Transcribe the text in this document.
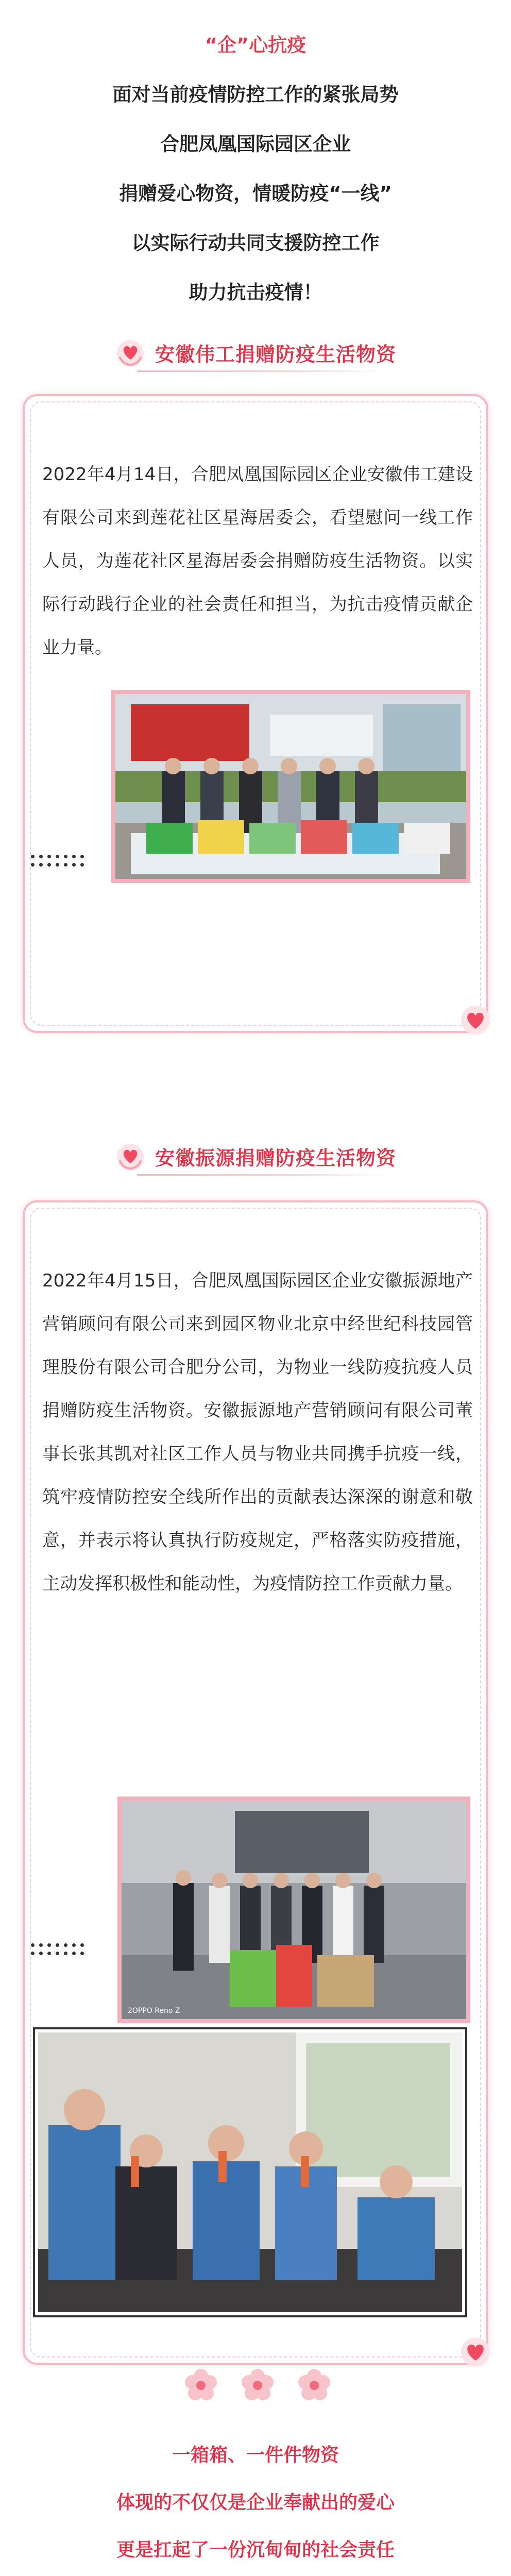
“企”心抗疫
面对当前疫情防控工作的紧张局势
合肥凤凰国际园区企业
捐赠爱心物资，情暖防疫“一线”
以实际行动共同支援防控工作
助力抗击疫情！
安徽伟工捐赠防疫生活物资
2022年4月14日，合肥凤凰国际园区企业安徽伟工建设有限公司来到莲花社区星海居委会，看望慰问一线工作人员，为莲花社区星海居委会捐赠防疫生活物资。以实际行动践行企业的社会责任和担当，为抗击疫情贡献企业力量。
安徽振源捐赠防疫生活物资
2022年4月15日，合肥凤凰国际园区企业安徽振源地产营销顾问有限公司来到园区物业北京中经世纪科技园管理股份有限公司合肥分公司，为物业一线防疫抗疫人员捐赠防疫生活物资。安徽振源地产营销顾问有限公司董事长张其凯对社区工作人员与物业共同携手抗疫一线，筑牢疫情防控安全线所作出的贡献表达深深的谢意和敬意，并表示将认真执行防疫规定，严格落实防疫措施，主动发挥积极性和能动性，为疫情防控工作贡献力量。
2OPPO Reno Z
一箱箱、一件件物资
体现的不仅仅是企业奉献出的爱心
更是扛起了一份沉甸甸的社会责任
